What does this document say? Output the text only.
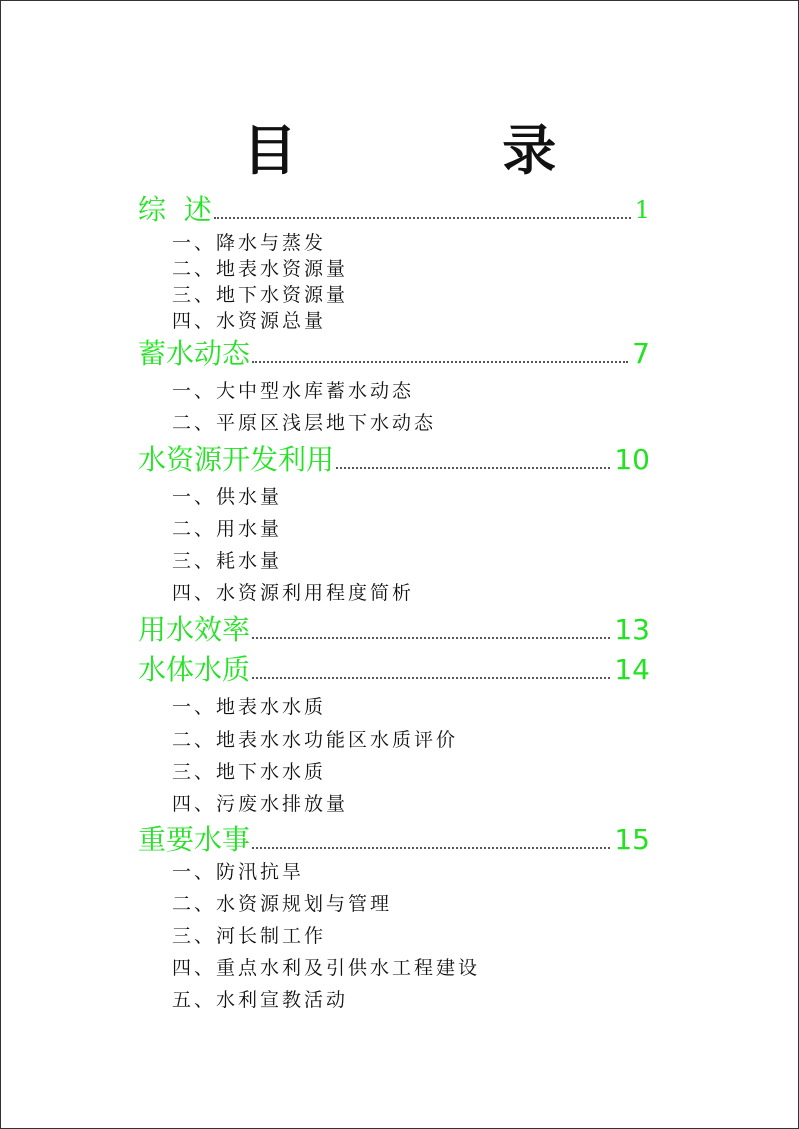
目  录
综  述	1
一、降水与蒸发
二、地表水资源量
三、地下水资源量
四、水资源总量
蓄水动态	7
一、大中型水库蓄水动态
二、平原区浅层地下水动态
水资源开发利用	10
一、供水量
二、用水量
三、耗水量
四、水资源利用程度简析
用水效率	13
水体水质	14
一、地表水水质
二、地表水水功能区水质评价
三、地下水水质
四、污废水排放量
重要水事	15
一、防汛抗旱
二、水资源规划与管理
三、河长制工作
四、重点水利及引供水工程建设
五、水利宣教活动
